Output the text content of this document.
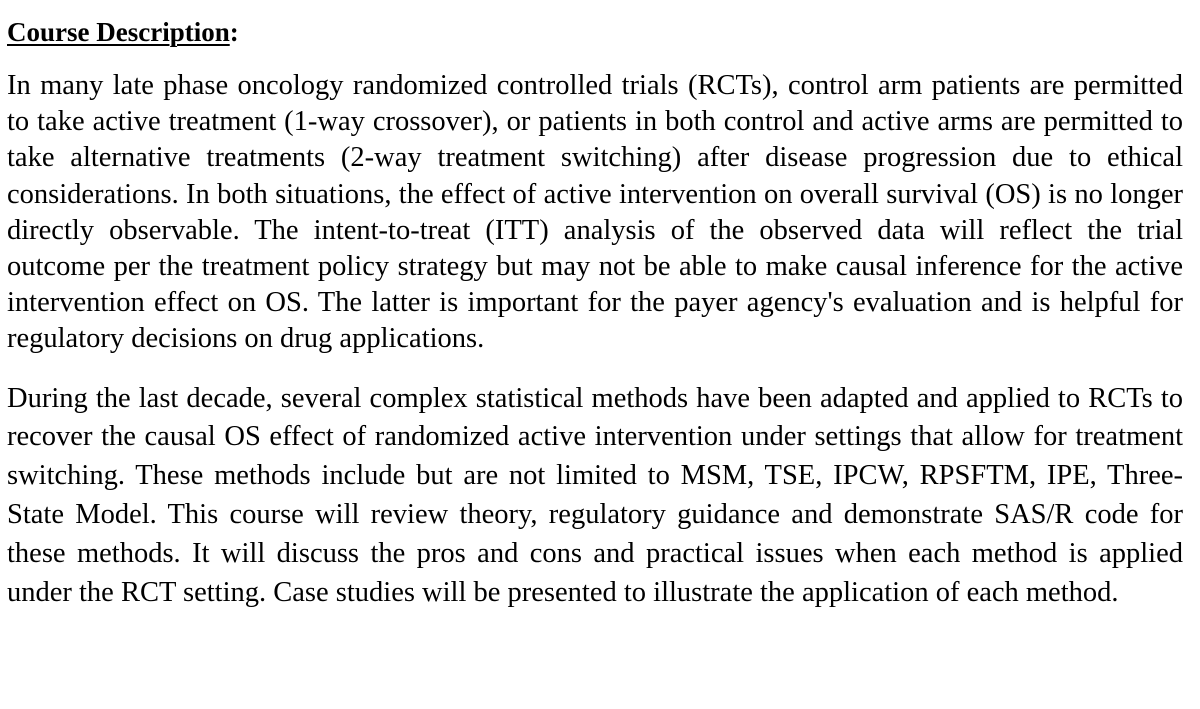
Course Description:

In many late phase oncology randomized controlled trials (RCTs), control arm patients are permitted to take active treatment (1-way crossover), or patients in both control and active arms are permitted to take alternative treatments (2-way treatment switching) after disease progression due to ethical considerations. In both situations, the effect of active intervention on overall survival (OS) is no longer directly observable. The intent-to-treat (ITT) analysis of the observed data will reflect the trial outcome per the treatment policy strategy but may not be able to make causal inference for the active intervention effect on OS. The latter is important for the payer agency's evaluation and is helpful for regulatory decisions on drug applications.

During the last decade, several complex statistical methods have been adapted and applied to RCTs to recover the causal OS effect of randomized active intervention under settings that allow for treatment switching. These methods include but are not limited to MSM, TSE, IPCW, RPSFTM, IPE, Three-State Model. This course will review theory, regulatory guidance and demonstrate SAS/R code for these methods. It will discuss the pros and cons and practical issues when each method is applied under the RCT setting. Case studies will be presented to illustrate the application of each method.
